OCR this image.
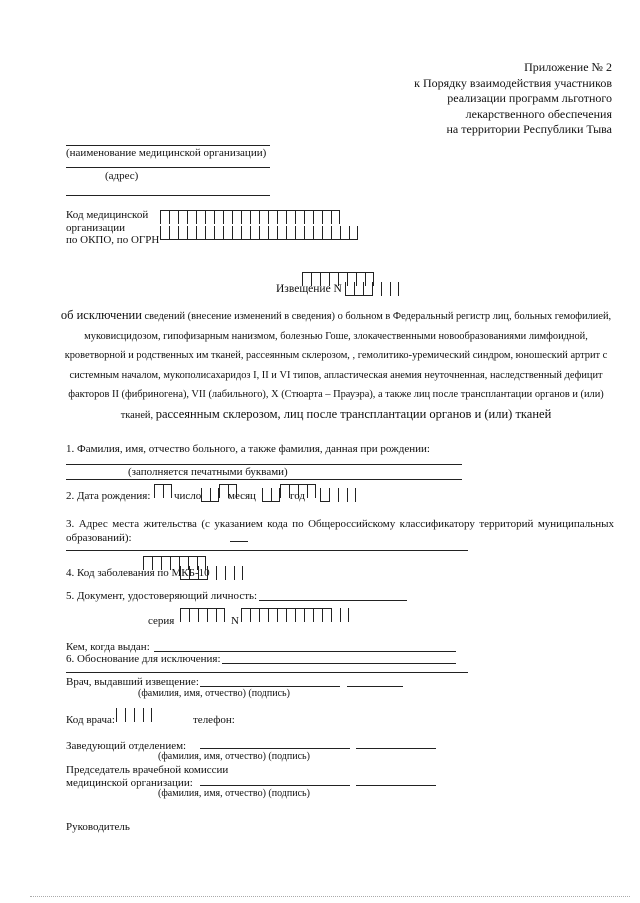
Приложение № 2
к Порядку взаимодействия участников
реализации программ льготного
лекарственного обеспечения
на территории Республики Тыва
(наименование медицинской организации)
(адрес)
Код медицинской
организации
по ОКПО, по ОГРН
Извещение N
об исключении сведений (внесение изменений в сведения) о больном в Федеральный регистр лиц, больных гемофилией, муковисцидозом, гипофизарным нанизмом, болезнью Гоше, злокачественными новообразованиями лимфоидной, кроветворной и родственных им тканей, рассеянным склерозом, , гемолитико-уремический синдром, юношеский артрит с системным началом, мукополисахаридоз I, II и VI типов, апластическая анемия неуточненная, наследственный дефицит факторов II (фибриногена), VII (лабильного), X (Стюарта – Прауэра), а также лиц после трансплантации органов и (или) тканей, рассеянным склерозом, лиц после трансплантации органов и (или) тканей
1. Фамилия, имя, отчество больного, а также фамилия, данная при рождении:
(заполняется печатными буквами)
2. Дата рождения: число месяц	год
3. Адрес места жительства (с указанием кода по Общероссийскому классификатору территорий муниципальных образований):
4. Код заболевания по МКБ-10
5. Документ, удостоверяющий личность:
серия	N
Кем, когда выдан:
6. Обоснование для исключения:
Врач, выдавший извещение:
(фамилия, имя, отчество) (подпись)
Код врача:	телефон:
Заведующий отделением:
(фамилия, имя, отчество) (подпись)
Председатель врачебной комиссии
медицинской организации:
(фамилия, имя, отчество) (подпись)
Руководитель
